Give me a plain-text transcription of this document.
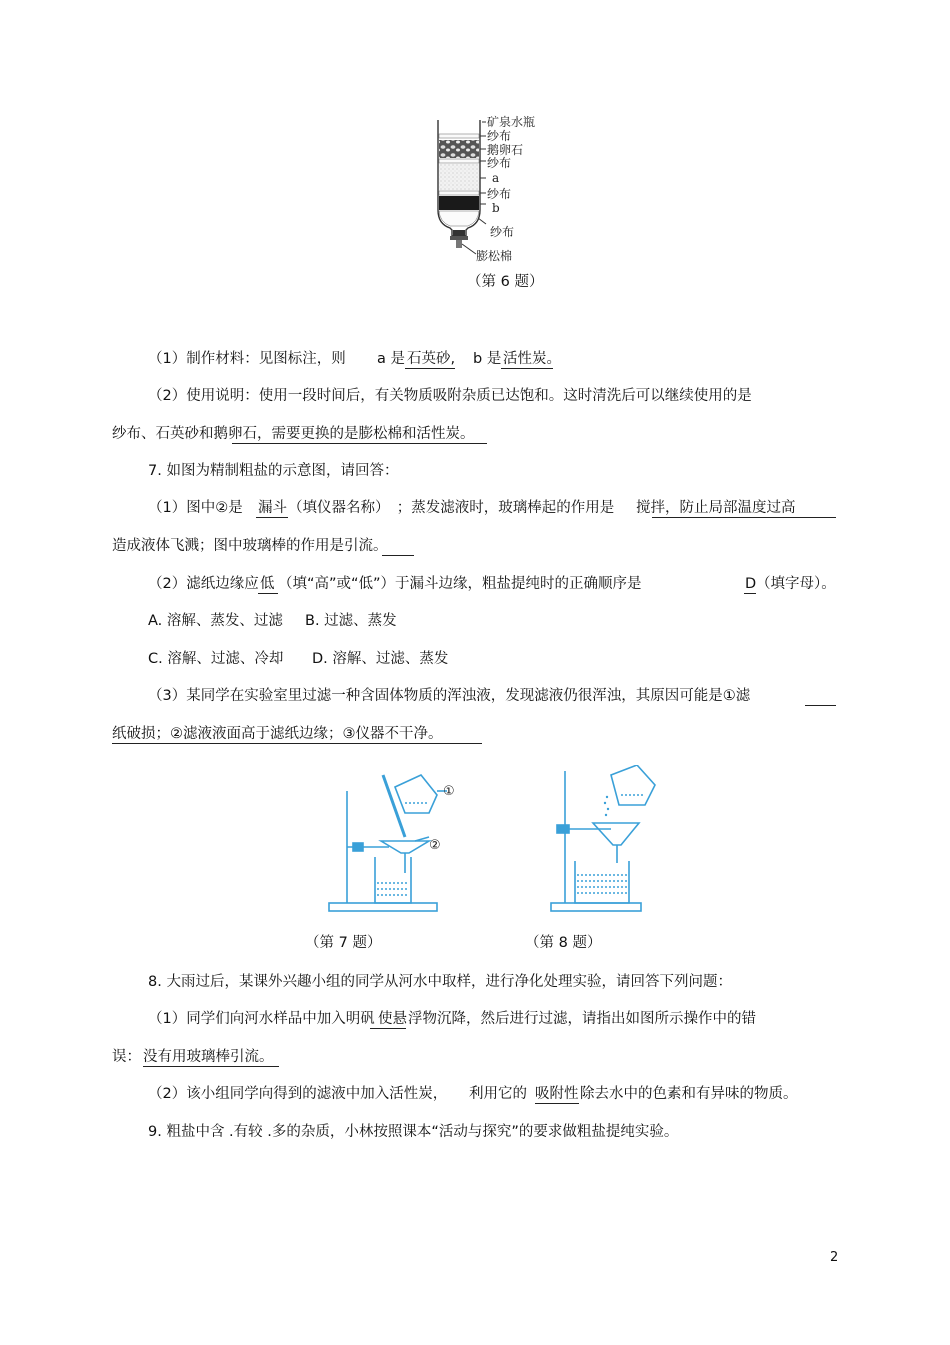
矿泉水瓶
纱布
鹅卵石
纱布
a
纱布
b
纱布
膨松棉
（第 6 题）
（1）制作材料：见图标注，则 a 是 石英砂, b 是 活性炭。
（2）使用说明：使用一段时间后，有关物质吸附杂质已达饱和。这时清洗后可以继续使用的是
纱布、石英砂和鹅卵石，需要更换的是膨松棉和活性炭。
7. 如图为精制粗盐的示意图，请回答：
（1）图中②是 漏斗 （填仪器名称）　；蒸发滤液时，玻璃棒起的作用是 搅拌，防止局部温度过高
造成液体飞溅；图中玻璃棒的作用是引流。
（2）滤纸边缘应 低 （填“高”或“低”）于漏斗边缘，粗盐提纯时的正确顺序是	D （填字母）。
A. 溶解、蒸发、过滤 B. 过滤、蒸发
C. 溶解、过滤、冷却 D. 溶解、过滤、蒸发
（3）某同学在实验室里过滤一种含固体物质的浑浊液，发现滤液仍很浑浊，其原因可能是①滤
纸破损；②滤液液面高于滤纸边缘；③仪器不干净。
①
②
（第 7 题）	（第 8 题）
8. 大雨过后，某课外兴趣小组的同学从河水中取样，进行净化处理实验，请回答下列问题：
（1）同学们向河水样品中加入明矾 使悬 浮物沉降，然后进行过滤，请指出如图所示操作中的错
误： 没有用玻璃棒引流。
（2）该小组同学向得到的滤液中加入活性炭，　　利用它的 吸附性 除去水中的色素和有异味的物质。
9. 粗盐中含 .有较 .多的杂质，小林按照课本“活动与探究”的要求做粗盐提纯实验。
2
